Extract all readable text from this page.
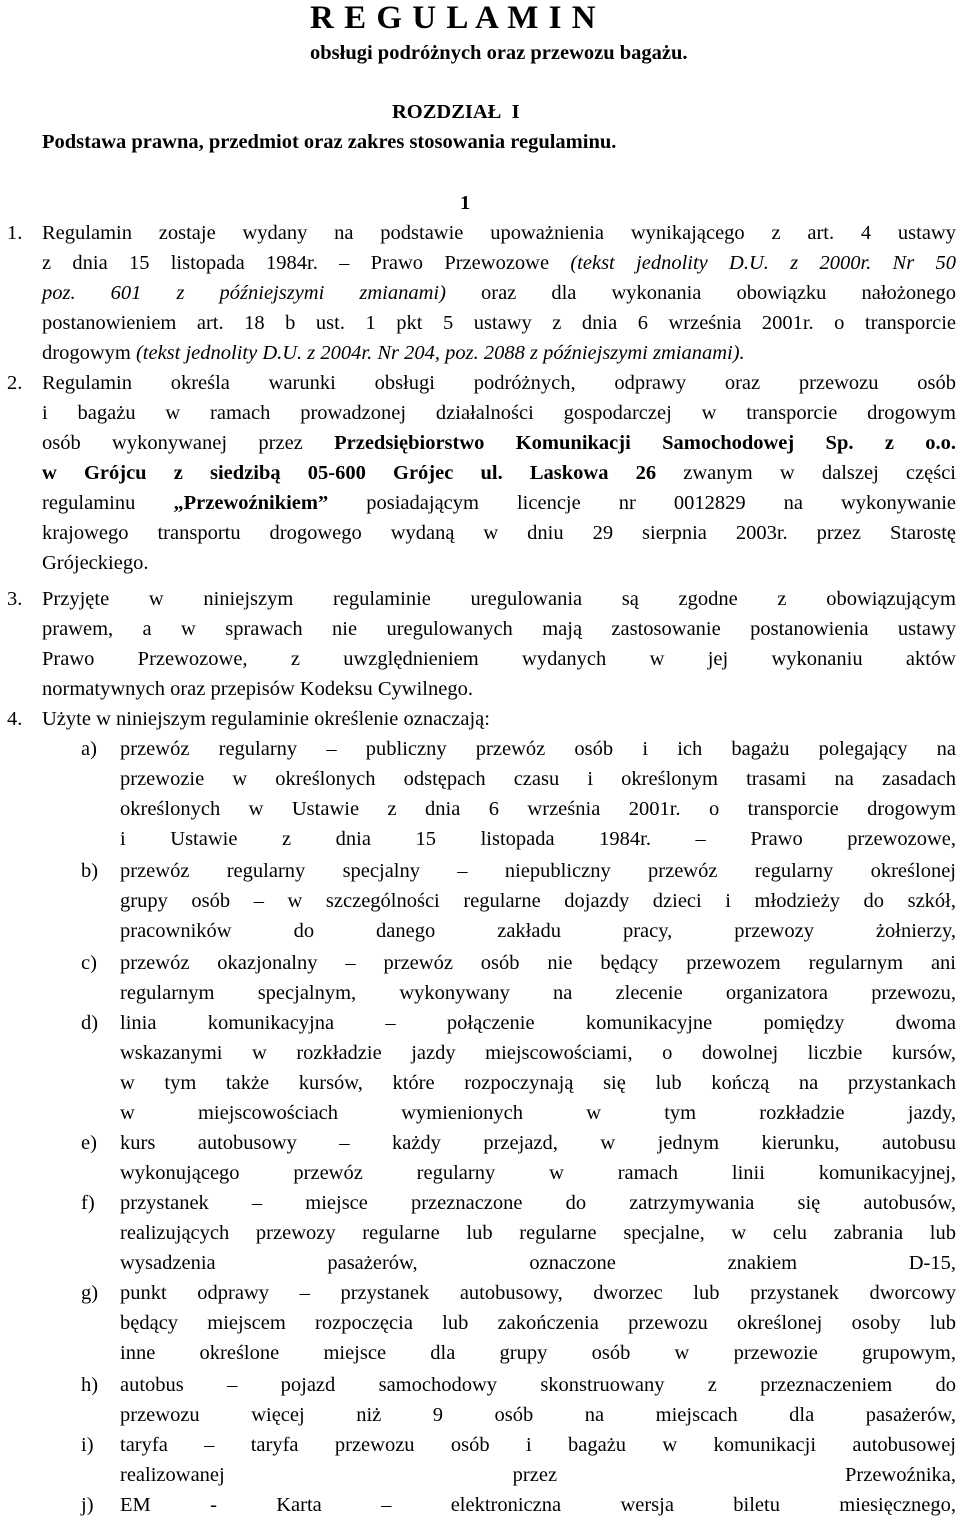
R E G U L A M I N
obsługi podróżnych oraz przewozu bagażu.
ROZDZIAŁ  I
Podstawa prawna, przedmiot oraz zakres stosowania regulaminu.
1
1. Regulamin zostaje wydany na podstawie upoważnienia wynikającego z art. 4 ustawy
z dnia 15 listopada 1984r. – Prawo Przewozowe (tekst jednolity D.U. z 2000r. Nr 50
poz. 601 z późniejszymi zmianami) oraz dla wykonania obowiązku nałożonego
postanowieniem art. 18 b ust. 1 pkt 5 ustawy z dnia 6 września 2001r. o transporcie
drogowym (tekst jednolity D.U. z 2004r. Nr 204, poz. 2088 z późniejszymi zmianami).
2. Regulamin określa warunki obsługi podróżnych, odprawy oraz przewozu osób
i bagażu w ramach prowadzonej działalności gospodarczej w transporcie drogowym
osób wykonywanej przez Przedsiębiorstwo Komunikacji Samochodowej Sp. z o.o.
w Grójcu z siedzibą 05-600 Grójec ul. Laskowa 26 zwanym w dalszej części
regulaminu „Przewoźnikiem” posiadającym licencje nr 0012829 na wykonywanie
krajowego transportu drogowego wydaną w dniu 29 sierpnia 2003r. przez Starostę
Grójeckiego.
3. Przyjęte w niniejszym regulaminie uregulowania są zgodne z obowiązującym
prawem, a w sprawach nie uregulowanych mają zastosowanie postanowienia ustawy
Prawo Przewozowe, z uwzględnieniem wydanych w jej wykonaniu aktów
normatywnych oraz przepisów Kodeksu Cywilnego.
4. Użyte w niniejszym regulaminie określenie oznaczają:
a) przewóz regularny – publiczny przewóz osób i ich bagażu polegający na
przewozie w określonych odstępach czasu i określonym trasami na zasadach
określonych w Ustawie z dnia 6 września 2001r. o transporcie drogowym
i Ustawie z dnia 15 listopada 1984r. – Prawo przewozowe,
b) przewóz regularny specjalny – niepubliczny przewóz regularny określonej
grupy osób – w szczególności regularne dojazdy dzieci i młodzieży do szkół,
pracowników do danego zakładu pracy, przewozy żołnierzy,
c) przewóz okazjonalny – przewóz osób nie będący przewozem regularnym ani
regularnym specjalnym, wykonywany na zlecenie organizatora przewozu,
d) linia komunikacyjna – połączenie komunikacyjne pomiędzy dwoma
wskazanymi w rozkładzie jazdy miejscowościami, o dowolnej liczbie kursów,
w tym także kursów, które rozpoczynają się lub kończą na przystankach
w miejscowościach wymienionych w tym rozkładzie jazdy,
e) kurs autobusowy – każdy przejazd, w jednym kierunku, autobusu
wykonującego przewóz regularny w ramach linii komunikacyjnej,
f) przystanek – miejsce przeznaczone do zatrzymywania się autobusów,
realizujących przewozy regularne lub regularne specjalne, w celu zabrania lub
wysadzenia pasażerów, oznaczone znakiem D-15,
g) punkt odprawy – przystanek autobusowy, dworzec lub przystanek dworcowy
będący miejscem rozpoczęcia lub zakończenia przewozu określonej osoby lub
inne określone miejsce dla grupy osób w przewozie grupowym,
h) autobus – pojazd samochodowy skonstruowany z przeznaczeniem do
przewozu więcej niż 9 osób na miejscach dla pasażerów,
i) taryfa – taryfa przewozu osób i bagażu w komunikacji autobusowej
realizowanej przez Przewoźnika,
j) EM - Karta – elektroniczna wersja biletu miesięcznego,
